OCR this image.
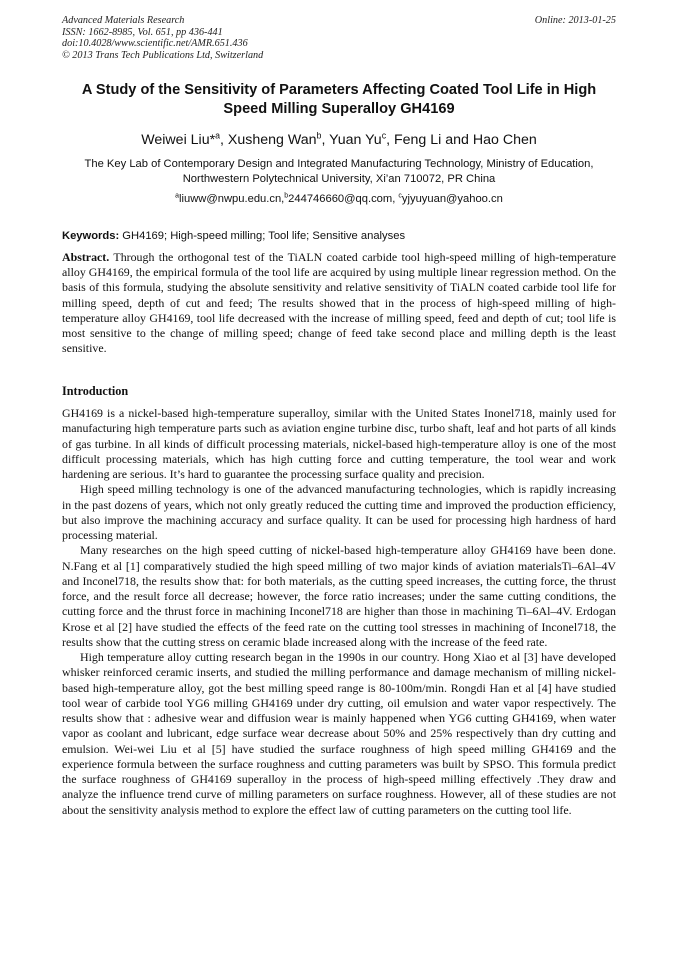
Advanced Materials Research
ISSN: 1662-8985, Vol. 651, pp 436-441
doi:10.4028/www.scientific.net/AMR.651.436
© 2013 Trans Tech Publications Ltd, Switzerland
Online: 2013-01-25
A Study of the Sensitivity of Parameters Affecting Coated Tool Life in High Speed Milling Superalloy GH4169
Weiwei Liu*$^a$, Xusheng Wan$^b$, Yuan Yu$^c$, Feng Li and Hao Chen
The Key Lab of Contemporary Design and Integrated Manufacturing Technology, Ministry of Education, Northwestern Polytechnical University, Xi’an 710072, PR China
$^a$liuww@nwpu.edu.cn,$^b$244746660@qq.com, $^c$yjyuyuan@yahoo.cn
Keywords: GH4169; High-speed milling; Tool life; Sensitive analyses
Abstract. Through the orthogonal test of the TiALN coated carbide tool high-speed milling of high-temperature alloy GH4169, the empirical formula of the tool life are acquired by using multiple linear regression method. On the basis of this formula, studying the absolute sensitivity and relative sensitivity of TiALN coated carbide tool life for milling speed, depth of cut and feed; The results showed that in the process of high-speed milling of high-temperature alloy GH4169, tool life decreased with the increase of milling speed, feed and depth of cut; tool life is most sensitive to the change of milling speed; change of feed take second place and milling depth is the least sensitive.
Introduction

GH4169 is a nickel-based high-temperature superalloy, similar with the United States Inonel718, mainly used for manufacturing high temperature parts such as aviation engine turbine disc, turbo shaft, leaf and hot parts of all kinds of gas turbine. In all kinds of difficult processing materials, nickel-based high-temperature alloy is one of the most difficult processing materials, which has high cutting force and cutting temperature, the tool wear and work hardening are serious. It’s hard to guarantee the processing surface quality and precision.

High speed milling technology is one of the advanced manufacturing technologies, which is rapidly increasing in the past dozens of years, which not only greatly reduced the cutting time and improved the production efficiency, but also improve the machining accuracy and surface quality. It can be used for processing high hardness of hard processing material.

Many researches on the high speed cutting of nickel-based high-temperature alloy GH4169 have been done. N.Fang et al [1] comparatively studied the high speed milling of two major kinds of aviation materialsTi–6Al–4V and Inconel718, the results show that: for both materials, as the cutting speed increases, the cutting force, the thrust force, and the result force all decrease; however, the force ratio increases; under the same cutting conditions, the cutting force and the thrust force in machining Inconel718 are higher than those in machining Ti–6Al–4V. Erdogan Krose et al [2] have studied the effects of the feed rate on the cutting tool stresses in machining of Inconel718, the results show that the cutting stress on ceramic blade increased along with the increase of the feed rate.

High temperature alloy cutting research began in the 1990s in our country. Hong Xiao et al [3] have developed whisker reinforced ceramic inserts, and studied the milling performance and damage mechanism of milling nickel-based high-temperature alloy, got the best milling speed range is 80-100m/min. Rongdi Han et al [4] have studied tool wear of carbide tool YG6 milling GH4169 under dry cutting, oil emulsion and water vapor respectively. The results show that : adhesive wear and diffusion wear is mainly happened when YG6 cutting GH4169, when water vapor as coolant and lubricant, edge surface wear decrease about 50% and 25% respectively than dry cutting and emulsion. Wei-wei Liu et al [5] have studied the surface roughness of high speed milling GH4169 and the experience formula between the surface roughness and cutting parameters was built by SPSO. This formula predict the surface roughness of GH4169 superalloy in the process of high-speed milling effectively .They draw and analyze the influence trend curve of milling parameters on surface roughness. However, all of these studies are not about the sensitivity analysis method to explore the effect law of cutting parameters on the cutting tool life.
